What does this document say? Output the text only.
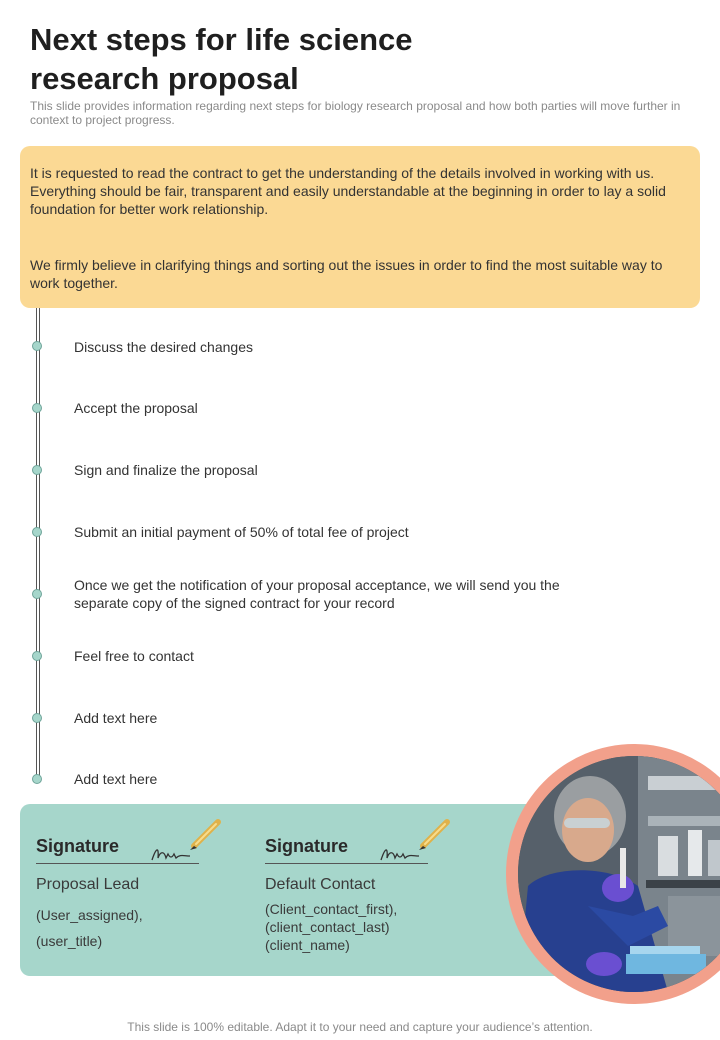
Next steps for life science research proposal

This slide provides information regarding next steps for biology research proposal and how both parties will move further in context to project progress.

It is requested to read the contract to get the understanding of the details involved in working with us. Everything should be fair, transparent and easily understandable at the beginning in order to lay a solid foundation for better work relationship.

We firmly believe in clarifying things and sorting out the issues in order to find the most suitable way to work together.

Discuss the desired changes
Accept the proposal
Sign and finalize the proposal
Submit an initial payment of 50% of total fee of project
Once we get the notification of your proposal acceptance, we will send you the separate copy of the signed contract for your record
Feel free to contact
Add text here
Add text here
Signature
Proposal Lead
(User_assigned),
(user_title)
Signature
Default Contact
(Client_contact_first),
(client_contact_last)
(client_name)
This slide is 100% editable. Adapt it to your need and capture your audience’s attention.
